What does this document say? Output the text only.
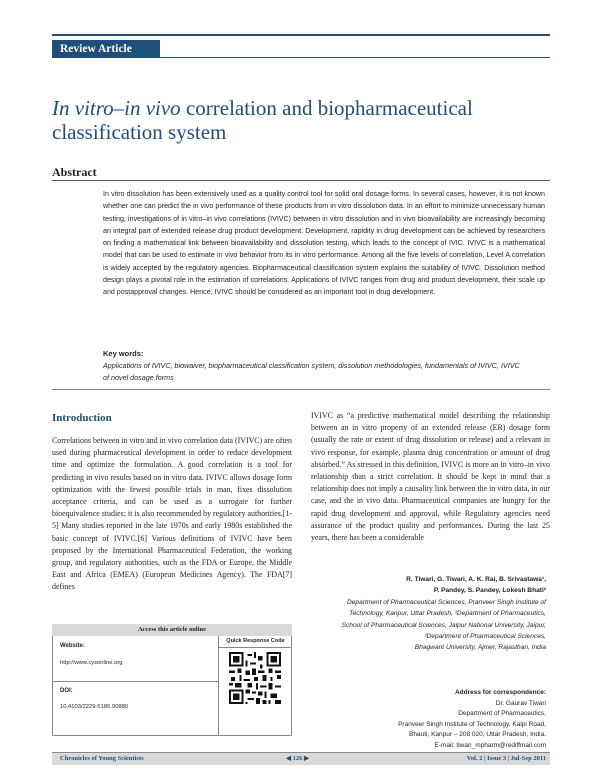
Review Article
In vitro–in vivo correlation and biopharmaceutical classification system
Abstract
In vitro dissolution has been extensively used as a quality control tool for solid oral dosage forms. In several cases, however, it is not known whether one can predict the in vivo performance of these products from in vitro dissolution data. In an effort to minimize unnecessary human testing, investigations of in vitro–in vivo correlations (IVIVC) between in vitro dissolution and in vivo bioavailability are increasingly becoming an integral part of extended release drug product development. Development, rapidity in drug development can be achieved by researchers on finding a mathematical link between bioavailability and dissolution testing, which leads to the concept of IVIC. IVIVC is a mathematical model that can be used to estimate in vivo behavior from its in vitro performance. Among all the five levels of correlation, Level A correlation is widely accepted by the regulatory agencies. Biopharmaceutical classification system explains the suitability of IVIVC. Dissolution method design plays a pivotal role in the estimation of correlations. Applications of IVIVC ranges from drug and product development, their scale up and postapproval changes. Hence, IVIVC should be considered as an important tool in drug development.
Key words:
Applications of IVIVC, biowaiver, biopharmaceutical classification system, dissolution methodologies, fundamentals of IVIVC, IVIVC of novel dosage forms
Introduction
Correlations between in vitro and in vivo correlation data (IVIVC) are often used during pharmaceutical development in order to reduce development time and optimize the formulation. A good correlation is a tool for predicting in vivo results based on in vitro data. IVIVC allows dosage form optimization with the fewest possible trials in man, fixes dissolution acceptance criteria, and can be used as a surrogate for further bioequivalence studies; it is also recommended by regulatory authorities.[1-5] Many studies reported in the late 1970s and early 1980s established the basic concept of IVIVC.[6] Various definitions of IVIVC have been proposed by the International Pharmaceutical Federation, the working group, and regulatory authorities, such as the FDA or Europe, the Middle East and Africa (EMEA) (European Medicines Agency). The FDA[7] defines
IVIVC as “a predictive mathematical model describing the relationship between an in vitro property of an extended release (ER) dosage form (usually the rate or extent of drug dissolution or release) and a relevant in vivo response, for example, plasma drug concentration or amount of drug absorbed.” As stressed in this definition, IVIVC is more an in vitro–in vivo relationship than a strict correlation. It should be kept in mind that a relationship does not imply a causality link between the in vitro data, in our case, and the in vivo data. Pharmaceutical companies are hungry for the rapid drug development and approval, while Regulatory agencies need assurance of the product quality and performances. During the last 25 years, there has been a considerable
R. Tiwari, G. Tiwari, A. K. Rai, B. Srivastawa¹,
P. Pandey, S. Pandey, Lokesh Bhati²
Department of Pharmaceutical Sciences, Pranveer Singh Institute of
Technology, Kanpur, Uttar Pradesh, ¹Department of Pharmaceutics,
School of Pharmaceutical Sciences, Jaipur National University, Jaipur,
²Department of Pharmaceutical Sciences,
Bhagwant University, Ajmer, Rajasthan, India
Address for correspondence:
Dr. Gaurav Tiwari
Department of Pharmaceutics,
Pranveer Singh Institute of Technology, Kalpi Road,
Bhauti, Kanpur – 208 020, Uttar Pradesh, India.
E-mail: tiwari_mpharm@rediffmail.com
Access this article online
Quick Response Code
Website:
http://www.cysonline.org
DOI:
10.4103/2229-5186.90880
Chronicles of Young Scientists	◀ 126 ▶	Vol. 2 | Issue 3 | Jul-Sep 2011
